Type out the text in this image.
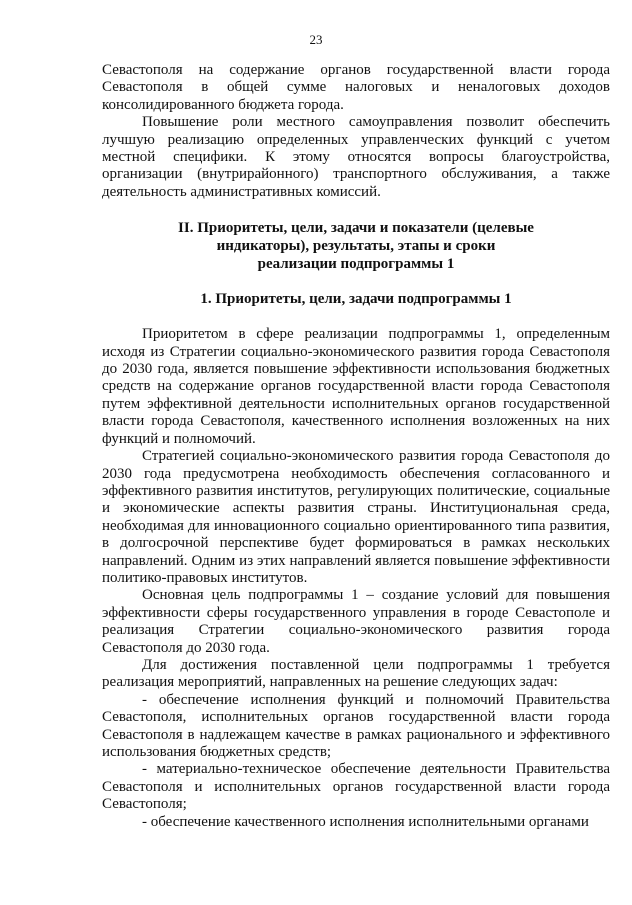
23

Севастополя на содержание органов государственной власти города Севастополя в общей сумме налоговых и неналоговых доходов консолидированного бюджета города.

Повышение роли местного самоуправления позволит обеспечить лучшую реализацию определенных управленческих функций с учетом местной специфики. К этому относятся вопросы благоустройства, организации (внутрирайонного) транспортного обслуживания, а также деятельность административных комиссий.

II. Приоритеты, цели, задачи и показатели (целевые
индикаторы), результаты, этапы и сроки
реализации подпрограммы 1
1. Приоритеты, цели, задачи подпрограммы 1

Приоритетом в сфере реализации подпрограммы 1, определенным исходя из Стратегии социально-экономического развития города Севастополя до 2030 года, является повышение эффективности использования бюджетных средств на содержание органов государственной власти города Севастополя путем эффективной деятельности исполнительных органов государственной власти города Севастополя, качественного исполнения возложенных на них функций и полномочий.

Стратегией социально-экономического развития города Севастополя до 2030 года предусмотрена необходимость обеспечения согласованного и эффективного развития институтов, регулирующих политические, социальные и экономические аспекты развития страны. Институциональная среда, необходимая для инновационного социально ориентированного типа развития, в долгосрочной перспективе будет формироваться в рамках нескольких направлений. Одним из этих направлений является повышение эффективности политико-правовых институтов.

Основная цель подпрограммы 1 – создание условий для повышения эффективности сферы государственного управления в городе Севастополе и реализация Стратегии социально-экономического развития города Севастополя до 2030 года.

Для достижения поставленной цели подпрограммы 1 требуется реализация мероприятий, направленных на решение следующих задач:

- обеспечение исполнения функций и полномочий Правительства Севастополя, исполнительных органов государственной власти города Севастополя в надлежащем качестве в рамках рационального и эффективного использования бюджетных средств;

- материально-техническое обеспечение деятельности Правительства Севастополя и исполнительных органов государственной власти города Севастополя;

- обеспечение качественного исполнения исполнительными органами
